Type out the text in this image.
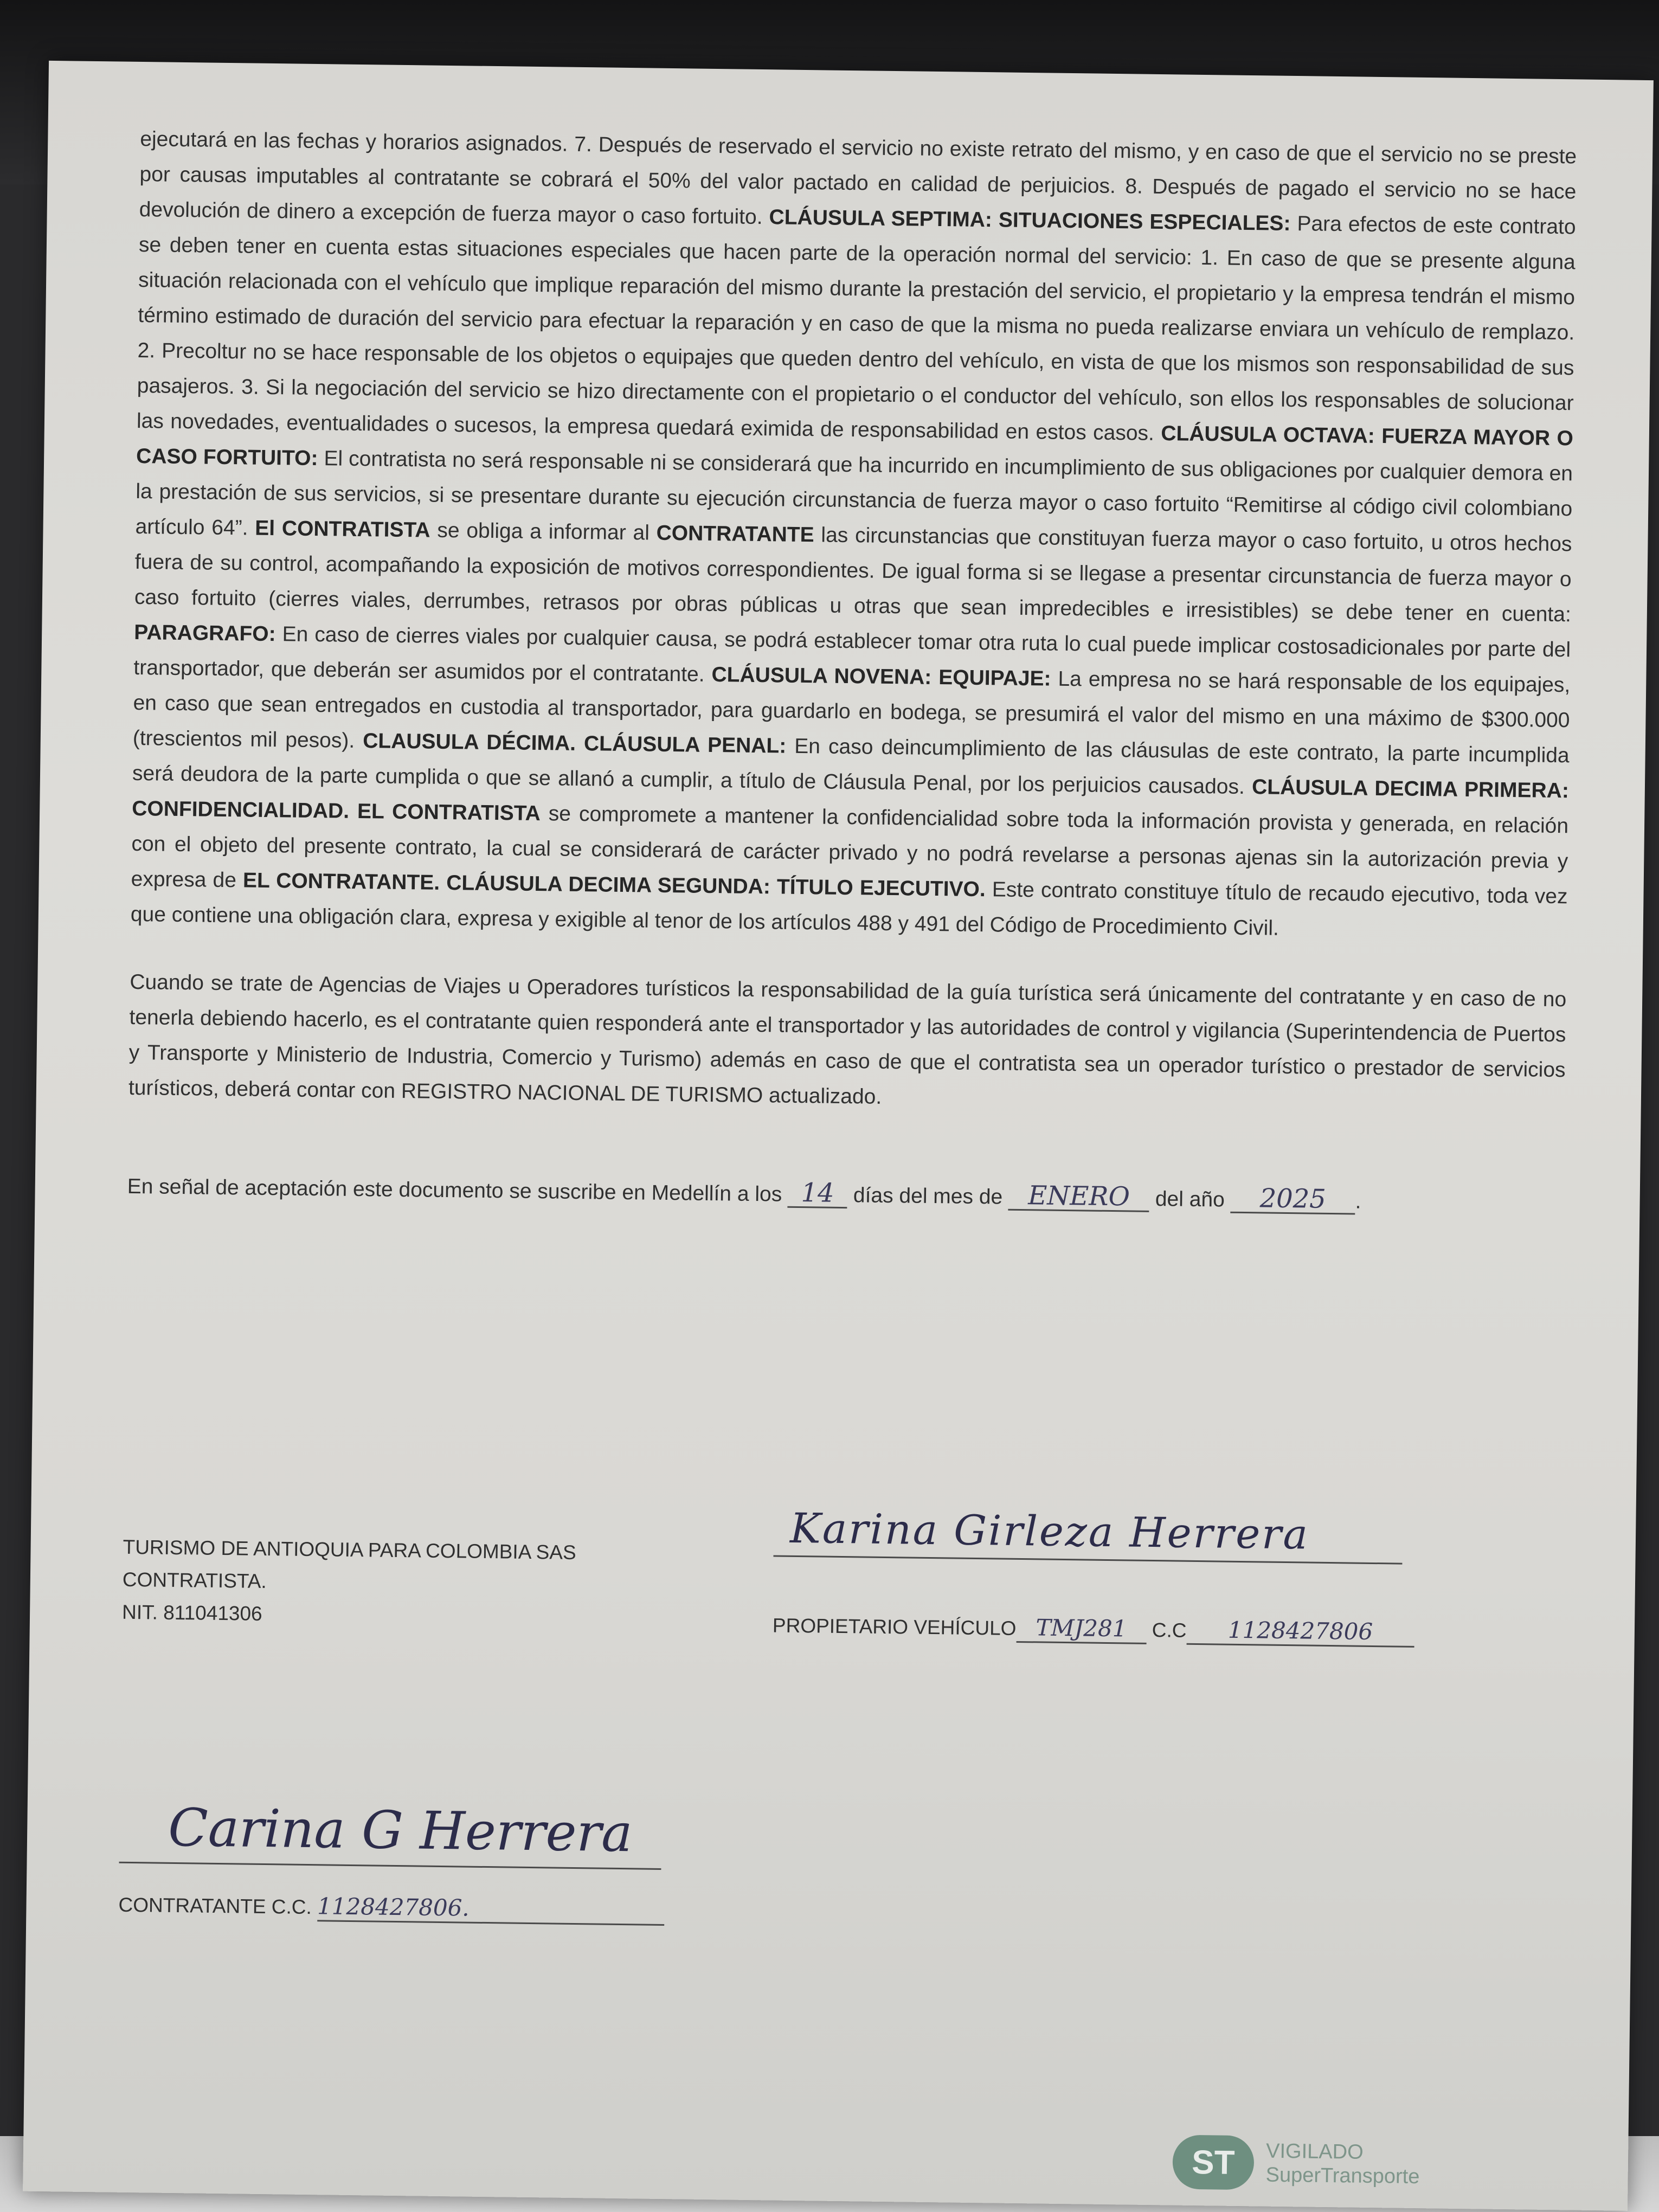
ejecutará en las fechas y horarios asignados. 7. Después de reservado el servicio no existe retrato del mismo, y en caso de que el servicio no se preste por causas imputables al contratante se cobrará el 50% del valor pactado en calidad de perjuicios. 8. Después de pagado el servicio no se hace devolución de dinero a excepción de fuerza mayor o caso fortuito. CLÁUSULA SEPTIMA: SITUACIONES ESPECIALES: Para efectos de este contrato se deben tener en cuenta estas situaciones especiales que hacen parte de la operación normal del servicio: 1. En caso de que se presente alguna situación relacionada con el vehículo que implique reparación del mismo durante la prestación del servicio, el propietario y la empresa tendrán el mismo término estimado de duración del servicio para efectuar la reparación y en caso de que la misma no pueda realizarse enviara un vehículo de remplazo. 2. Precoltur no se hace responsable de los objetos o equipajes que queden dentro del vehículo, en vista de que los mismos son responsabilidad de sus pasajeros. 3. Si la negociación del servicio se hizo directamente con el propietario o el conductor del vehículo, son ellos los responsables de solucionar las novedades, eventualidades o sucesos, la empresa quedará eximida de responsabilidad en estos casos. CLÁUSULA OCTAVA: FUERZA MAYOR O CASO FORTUITO: El contratista no será responsable ni se considerará que ha incurrido en incumplimiento de sus obligaciones por cualquier demora en la prestación de sus servicios, si se presentare durante su ejecución circunstancia de fuerza mayor o caso fortuito “Remitirse al código civil colombiano artículo 64”. El CONTRATISTA se obliga a informar al CONTRATANTE las circunstancias que constituyan fuerza mayor o caso fortuito, u otros hechos fuera de su control, acompañando la exposición de motivos correspondientes. De igual forma si se llegase a presentar circunstancia de fuerza mayor o caso fortuito (cierres viales, derrumbes, retrasos por obras públicas u otras que sean impredecibles e irresistibles) se debe tener en cuenta: PARAGRAFO: En caso de cierres viales por cualquier causa, se podrá establecer tomar otra ruta lo cual puede implicar costosadicionales por parte del transportador, que deberán ser asumidos por el contratante. CLÁUSULA NOVENA: EQUIPAJE: La empresa no se hará responsable de los equipajes, en caso que sean entregados en custodia al transportador, para guardarlo en bodega, se presumirá el valor del mismo en una máximo de $300.000 (trescientos mil pesos). CLAUSULA DÉCIMA. CLÁUSULA PENAL: En caso deincumplimiento de las cláusulas de este contrato, la parte incumplida será deudora de la parte cumplida o que se allanó a cumplir, a título de Cláusula Penal, por los perjuicios causados. CLÁUSULA DECIMA PRIMERA: CONFIDENCIALIDAD. EL CONTRATISTA se compromete a mantener la confidencialidad sobre toda la información provista y generada, en relación con el objeto del presente contrato, la cual se considerará de carácter privado y no podrá revelarse a personas ajenas sin la autorización previa y expresa de EL CONTRATANTE. CLÁUSULA DECIMA SEGUNDA: TÍTULO EJECUTIVO. Este contrato constituye título de recaudo ejecutivo, toda vez que contiene una obligación clara, expresa y exigible al tenor de los artículos 488 y 491 del Código de Procedimiento Civil.

Cuando se trate de Agencias de Viajes u Operadores turísticos la responsabilidad de la guía turística será únicamente del contratante y en caso de no tenerla debiendo hacerlo, es el contratante quien responderá ante el transportador y las autoridades de control y vigilancia (Superintendencia de Puertos y Transporte y Ministerio de Industria, Comercio y Turismo) además en caso de que el contratista sea un operador turístico o prestador de servicios turísticos, deberá contar con REGISTRO NACIONAL DE TURISMO actualizado.

En señal de aceptación este documento se suscribe en Medellín a los 14 días del mes de ENERO del año 2025 .
TURISMO DE ANTIOQUIA PARA COLOMBIA SAS
CONTRATISTA.
NIT. 811041306
Karina Girleza Herrera
PROPIETARIO VEHÍCULO TMJ281 C.C 1128427806
Carina G Herrera
CONTRATANTE C.C. 1128427806.
ST	VIGILADO
SuperTransporte
